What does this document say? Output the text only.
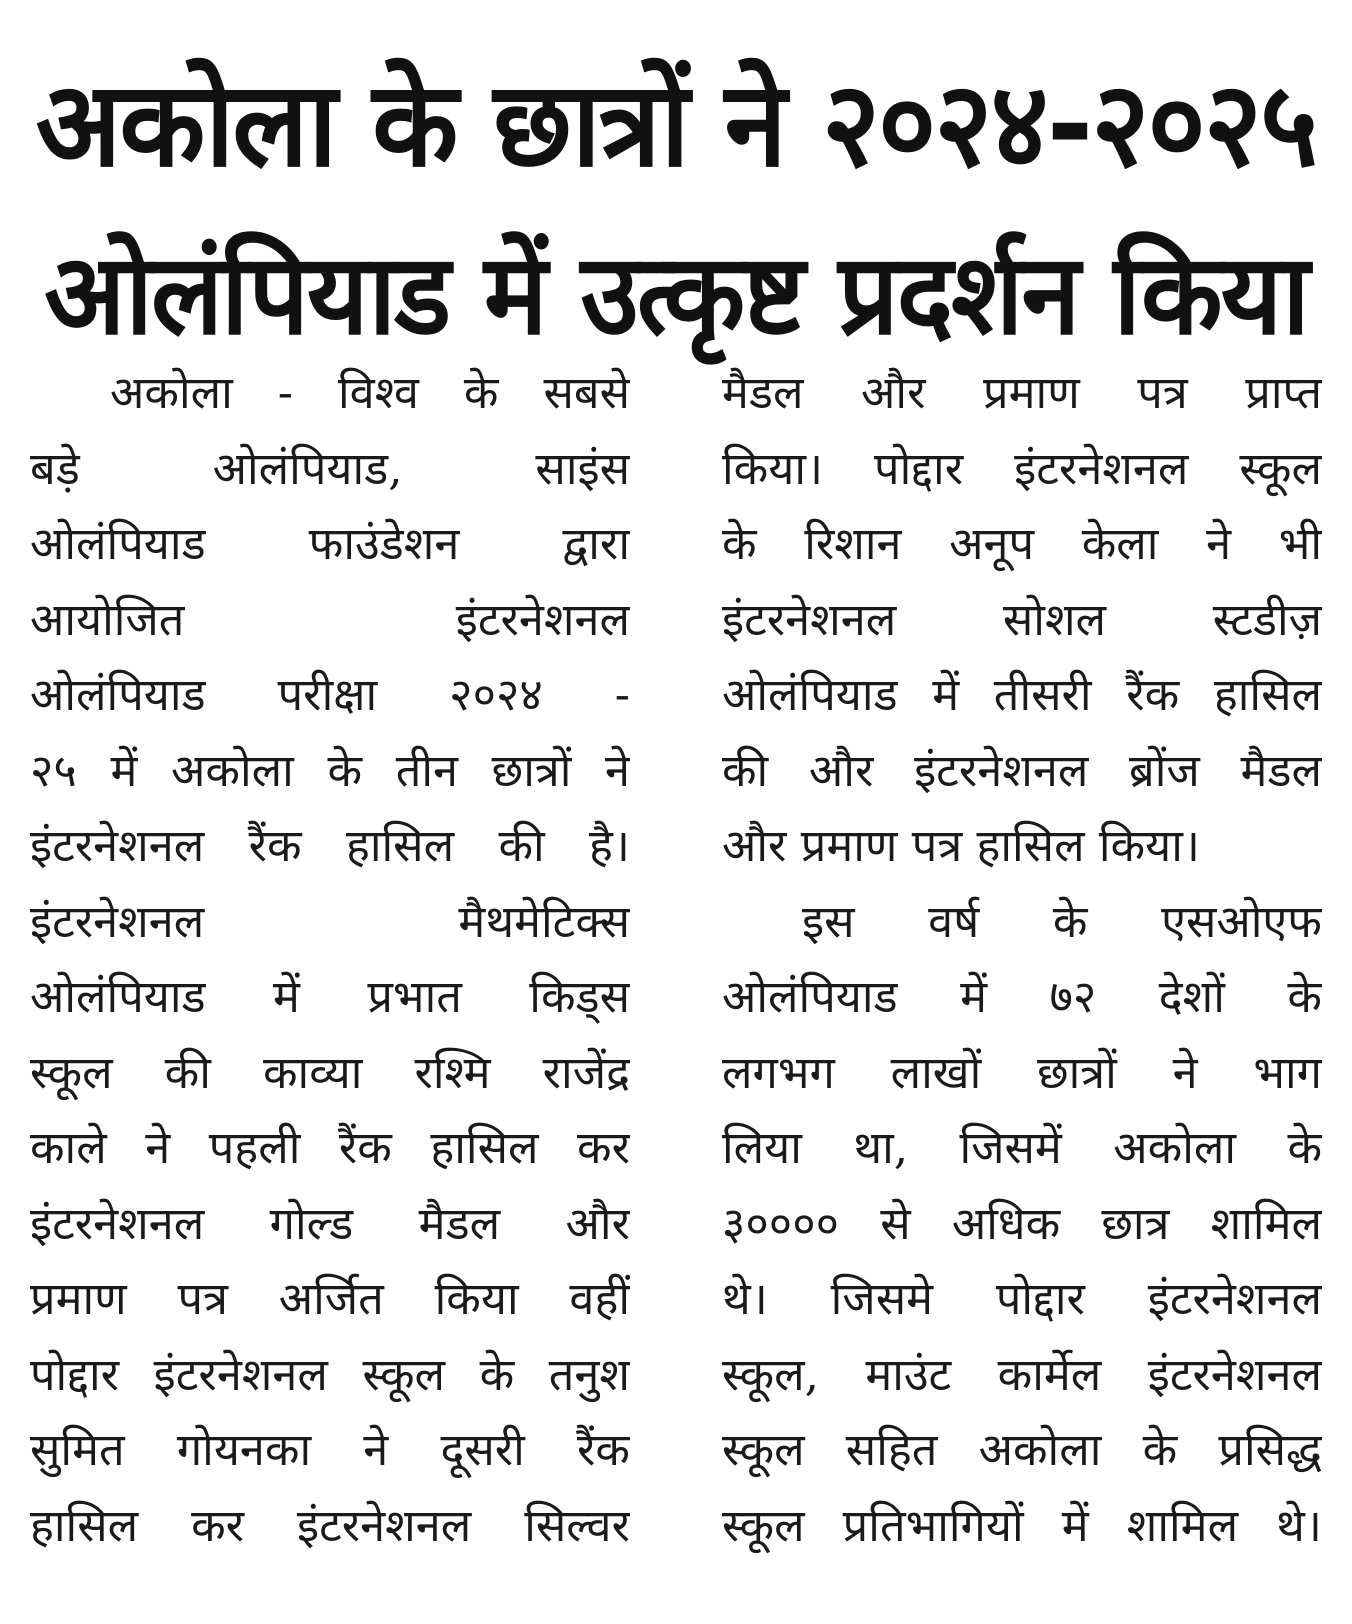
अकोला के छात्रों ने २०२४-२०२५
ओलंपियाड में उत्कृष्ट प्रदर्शन किया
अकोला - विश्व के सबसे
बड़े ओलंपियाड, साइंस
ओलंपियाड फाउंडेशन द्वारा
आयोजित इंटरनेशनल
ओलंपियाड परीक्षा २०२४ -
२५ में अकोला के तीन छात्रों ने
इंटरनेशनल रैंक हासिल की है।
इंटरनेशनल मैथमेटिक्स
ओलंपियाड में प्रभात किड्स
स्कूल की काव्या रश्मि राजेंद्र
काले ने पहली रैंक हासिल कर
इंटरनेशनल गोल्ड मैडल और
प्रमाण पत्र अर्जित किया वहीं
पोद्दार इंटरनेशनल स्कूल के तनुश
सुमित गोयनका ने दूसरी रैंक
हासिल कर इंटरनेशनल सिल्वर
मैडल और प्रमाण पत्र प्राप्त
किया। पोद्दार इंटरनेशनल स्कूल
के रिशान अनूप केला ने भी
इंटरनेशनल सोशल स्टडीज़
ओलंपियाड में तीसरी रैंक हासिल
की और इंटरनेशनल ब्रोंज मैडल
और प्रमाण पत्र हासिल किया।
इस वर्ष के एसओएफ
ओलंपियाड में ७२ देशों के
लगभग लाखों छात्रों ने भाग
लिया था, जिसमें अकोला के
३०००० से अधिक छात्र शामिल
थे। जिसमे पोद्दार इंटरनेशनल
स्कूल, माउंट कार्मेल इंटरनेशनल
स्कूल सहित अकोला के प्रसिद्ध
स्कूल प्रतिभागियों में शामिल थे।
